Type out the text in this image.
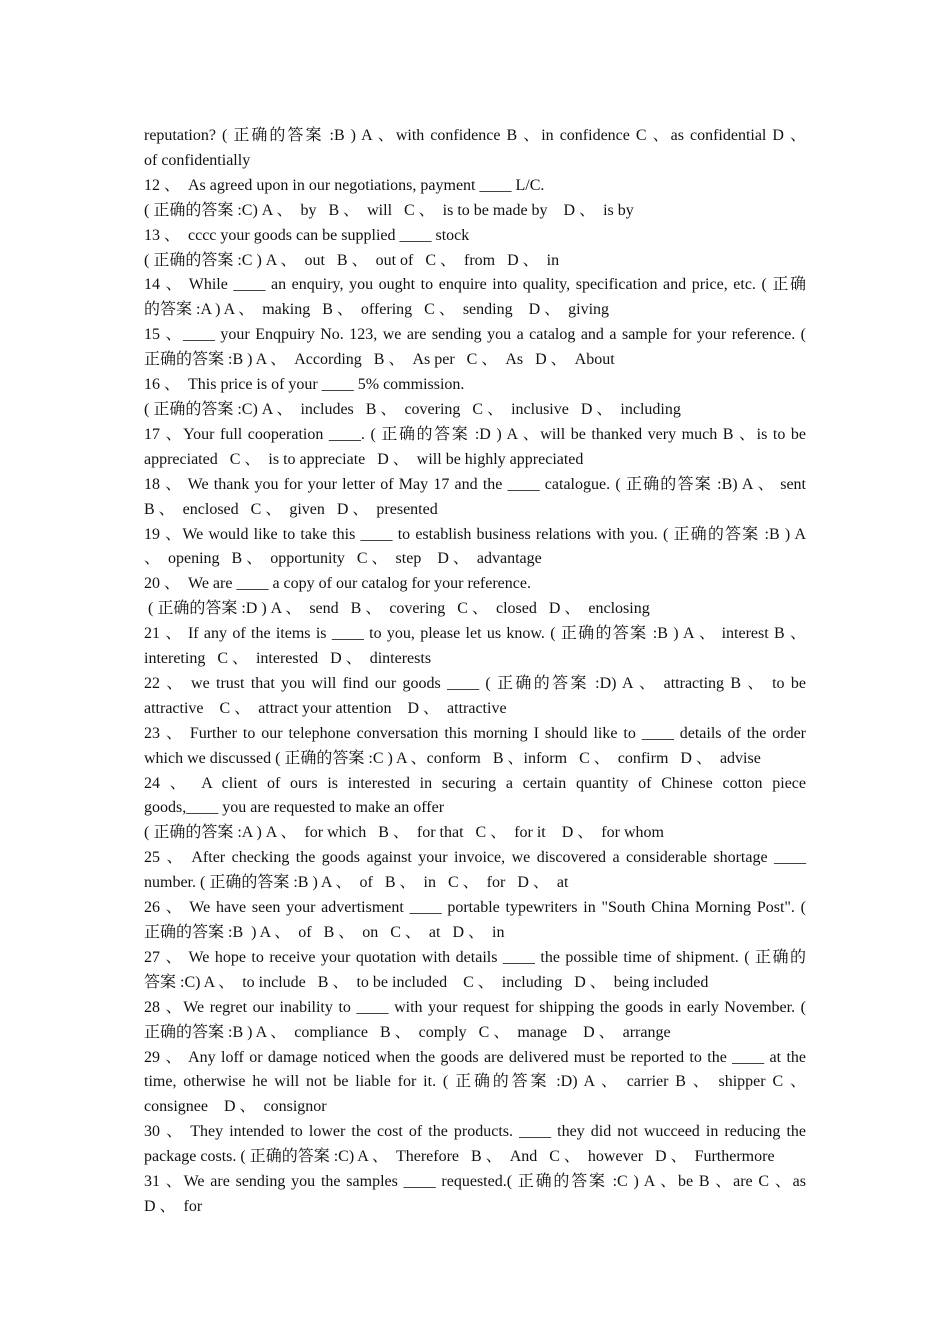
reputation? ( 正确的答案 :B ) A 、with confidence B 、in confidence C 、as confidential D 、
of confidentially
12 、  As agreed upon in our negotiations, payment ____ L/C.
( 正确的答案 :C) A 、  by   B 、  will   C 、  is to be made by    D 、  is by
13 、  cccc your goods can be supplied ____ stock
( 正确的答案 :C ) A 、  out   B 、  out of   C 、  from   D 、  in
14 、 While ____ an enquiry, you ought to enquire into quality, specification and price, etc. ( 正确
的答案 :A ) A 、  making   B 、  offering   C 、  sending    D 、  giving
15 、____ your Enqpuiry No. 123, we are sending you a catalog and a sample for your reference. (
正确的答案 :B ) A 、  According   B 、  As per   C 、  As   D 、  About
16 、  This price is of your ____ 5% commission.
( 正确的答案 :C) A 、  includes   B 、  covering   C 、  inclusive   D 、  including
17 、Your full cooperation ____. ( 正确的答案 :D ) A 、will be thanked very much B 、is to be
appreciated   C 、  is to appreciate   D 、  will be highly appreciated
18 、 We thank you for your letter of May 17 and the ____ catalogue. ( 正确的答案 :B) A 、 sent
B 、  enclosed   C 、  given   D 、  presented
19 、We would like to take this ____ to establish business relations with you. ( 正确的答案 :B ) A
、  opening   B 、  opportunity   C 、  step    D 、  advantage
20 、  We are ____ a copy of our catalog for your reference.
( 正确的答案 :D ) A 、  send   B 、  covering   C 、  closed   D 、  enclosing
21 、 If any of the items is ____ to you, please let us know. ( 正确的答案 :B ) A 、 interest B 、
intereting   C 、  interested   D 、  dinterests
22 、 we trust that you will find our goods ____ ( 正确的答案 :D) A 、 attracting B 、 to be
attractive    C 、  attract your attention    D 、  attractive
23 、 Further to our telephone conversation this morning I should like to ____ details of the order
which we discussed ( 正确的答案 :C ) A 、conform   B 、inform   C 、  confirm   D 、  advise
24 、 A client of ours is interested in securing a certain quantity of Chinese cotton piece
goods,____ you are requested to make an offer
( 正确的答案 :A ) A 、  for which   B 、  for that   C 、  for it    D 、  for whom
25 、 After checking the goods against your invoice, we discovered a considerable shortage ____
number. ( 正确的答案 :B ) A 、  of   B 、  in   C 、  for   D 、  at
26 、 We have seen your advertisment ____ portable typewriters in "South China Morning Post". (
正确的答案 :B  ) A 、  of   B 、  on   C 、  at   D 、  in
27 、 We hope to receive your quotation with details ____ the possible time of shipment. ( 正确的
答案 :C) A 、  to include   B 、  to be included    C 、  including   D 、  being included
28 、We regret our inability to ____ with your request for shipping the goods in early November. (
正确的答案 :B ) A 、  compliance   B 、  comply   C 、  manage    D 、  arrange
29 、 Any loff or damage noticed when the goods are delivered must be reported to the ____ at the
time, otherwise he will not be liable for it. ( 正确的答案 :D) A 、 carrier B 、 shipper C 、
consignee    D 、  consignor
30 、 They intended to lower the cost of the products. ____ they did not wucceed in reducing the
package costs. ( 正确的答案 :C) A 、  Therefore   B 、  And   C 、  however   D 、  Furthermore
31 、We are sending you the samples ____ requested.( 正确的答案 :C ) A 、be B 、are C 、as
D 、  for
